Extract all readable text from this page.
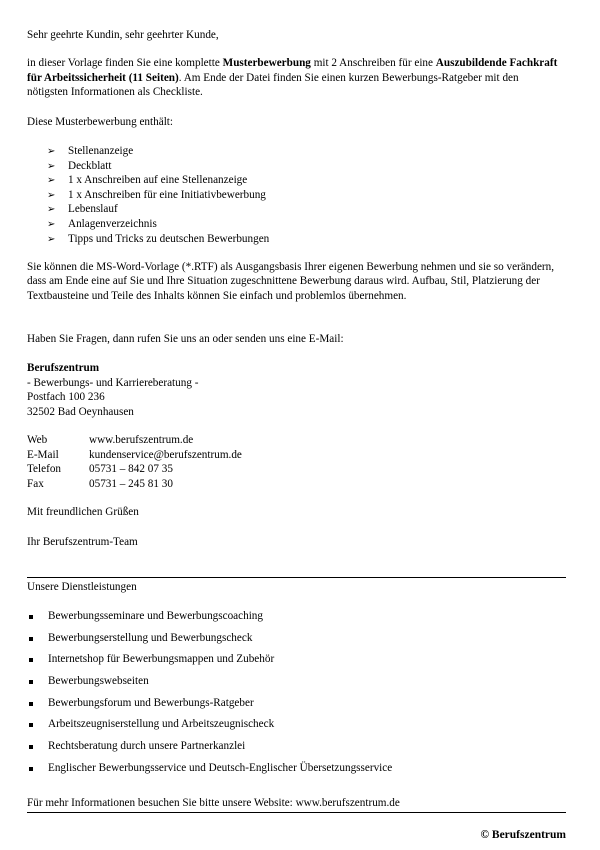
Sehr geehrte Kundin, sehr geehrter Kunde,

in dieser Vorlage finden Sie eine komplette Musterbewerbung mit 2 Anschreiben für eine Auszubildende Fachkraft für Arbeitssicherheit (11 Seiten). Am Ende der Datei finden Sie einen kurzen Bewerbungs-Ratgeber mit den nötigsten Informationen als Checkliste.

Diese Musterbewerbung enthält:

➢ Stellenanzeige
➢ Deckblatt
➢ 1 x Anschreiben auf eine Stellenanzeige
➢ 1 x Anschreiben für eine Initiativbewerbung
➢ Lebenslauf
➢ Anlagenverzeichnis
➢ Tipps und Tricks zu deutschen Bewerbungen

Sie können die MS-Word-Vorlage (*.RTF) als Ausgangsbasis Ihrer eigenen Bewerbung nehmen und sie so verändern, dass am Ende eine auf Sie und Ihre Situation zugeschnittene Bewerbung daraus wird. Aufbau, Stil, Platzierung der Textbausteine und Teile des Inhalts können Sie einfach und problemlos übernehmen.

Haben Sie Fragen, dann rufen Sie uns an oder senden uns eine E-Mail:

Berufszentrum
- Bewerbungs- und Karriereberatung -
Postfach 100 236
32502 Bad Oeynhausen
Web	www.berufszentrum.de
E-Mail	kundenservice@berufszentrum.de
Telefon	05731 – 842 07 35
Fax	05731 – 245 81 30

Mit freundlichen Grüßen

Ihr Berufszentrum-Team

Unsere Dienstleistungen

Bewerbungsseminare und Bewerbungscoaching
Bewerbungserstellung und Bewerbungscheck
Internetshop für Bewerbungsmappen und Zubehör
Bewerbungswebseiten
Bewerbungsforum und Bewerbungs-Ratgeber
Arbeitszeugniserstellung und Arbeitszeugnischeck
Rechtsberatung durch unsere Partnerkanzlei
Englischer Bewerbungsservice und Deutsch-Englischer Übersetzungsservice

Für mehr Informationen besuchen Sie bitte unsere Website: www.berufszentrum.de

© Berufszentrum
